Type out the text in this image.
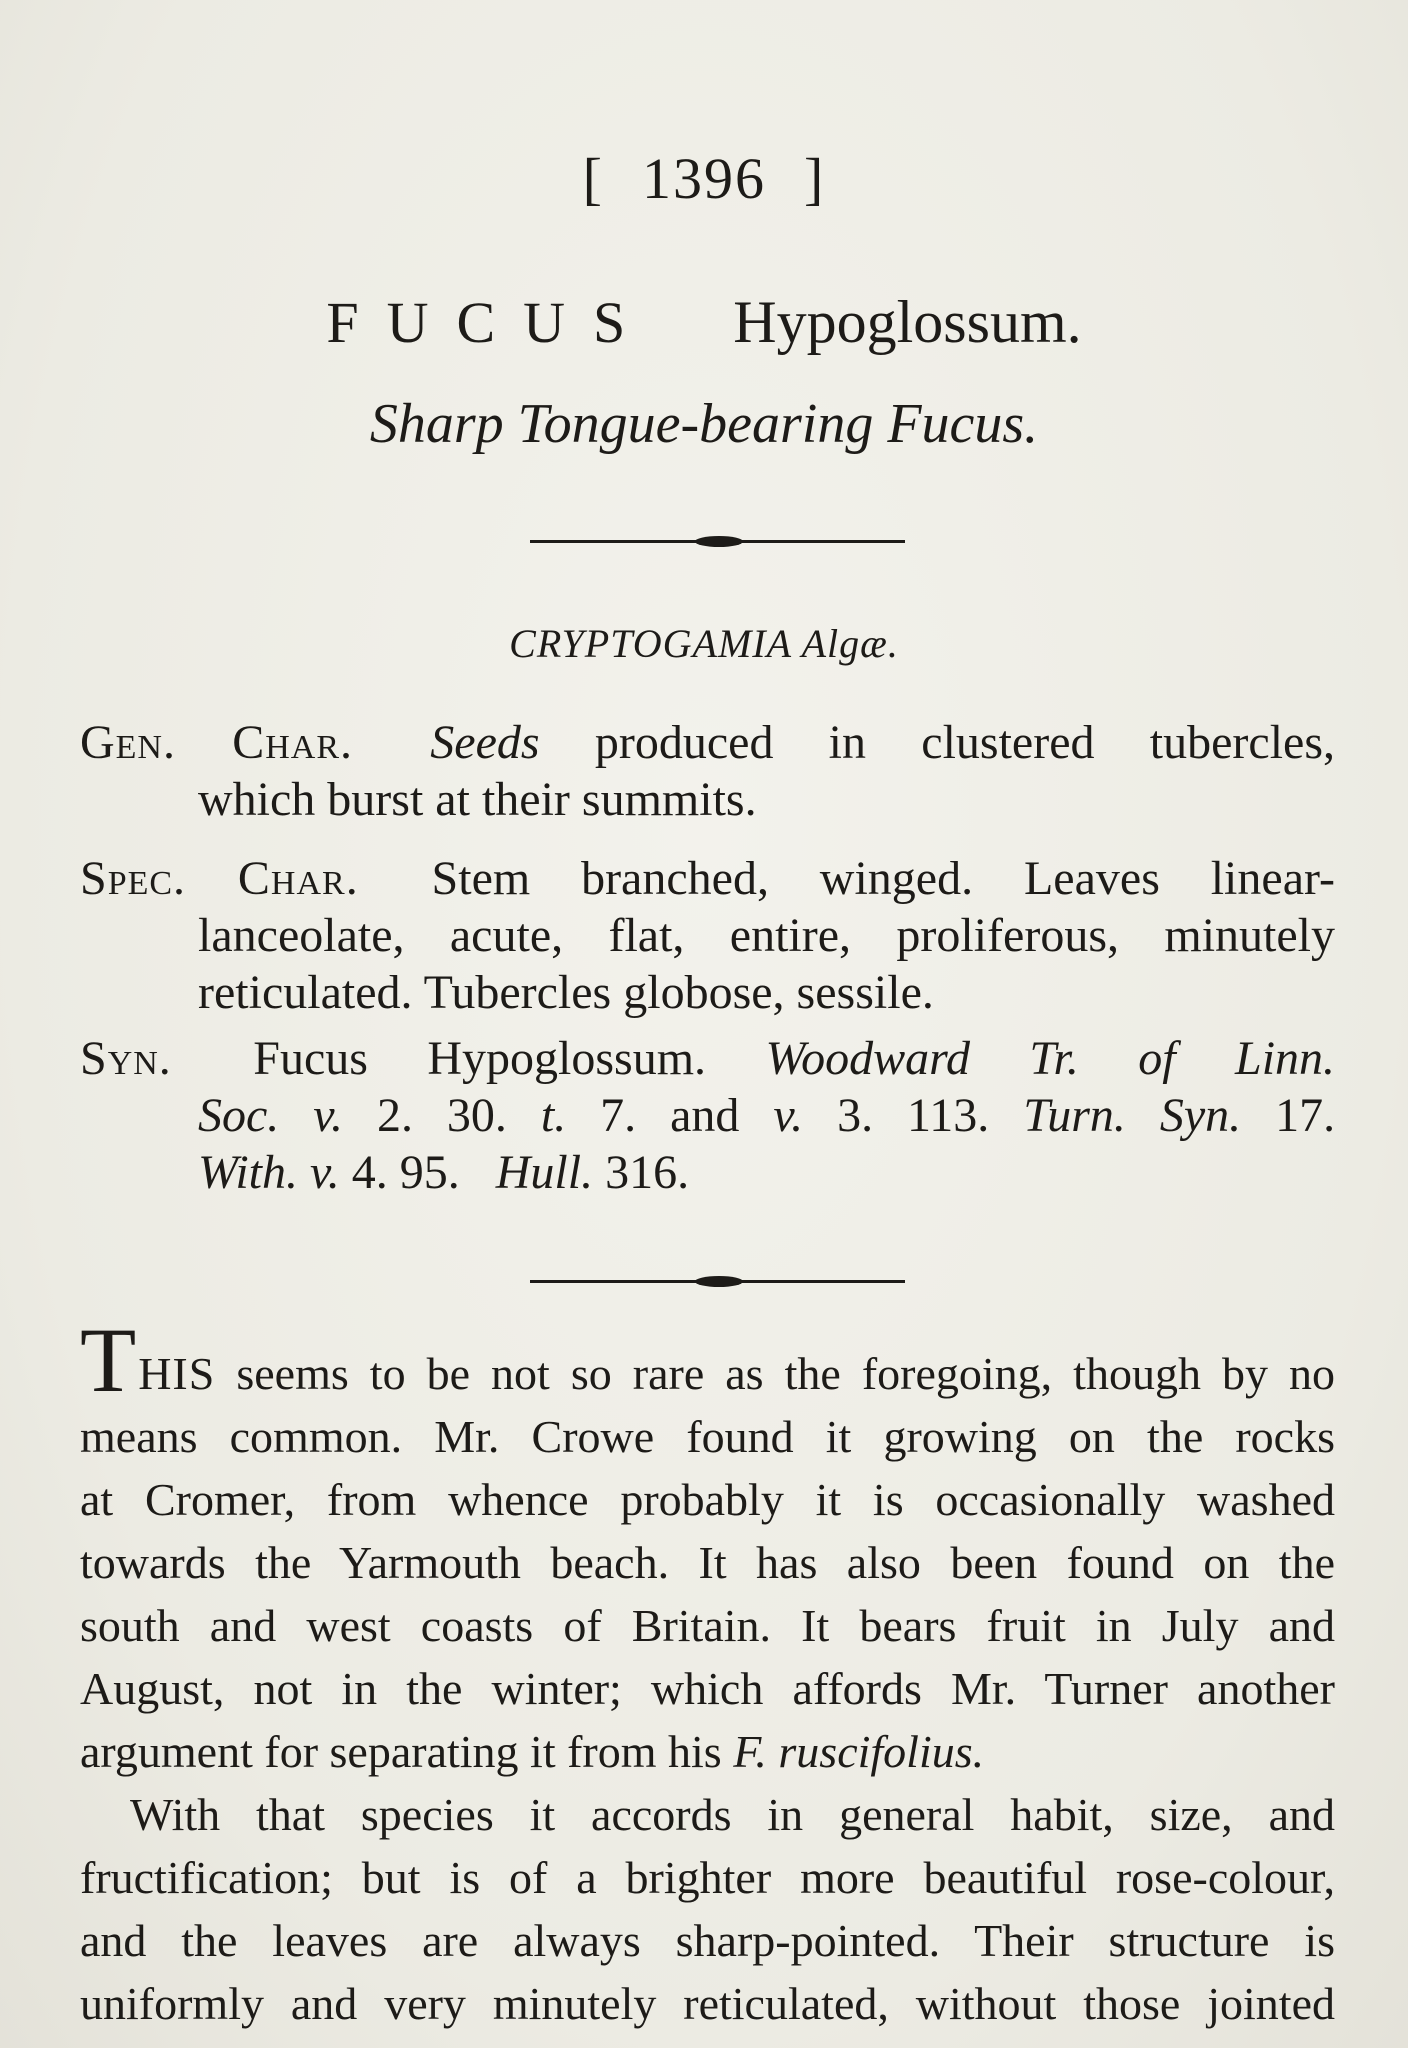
[ 1396 ]
FUCUS Hypoglossum.
Sharp Tongue-bearing Fucus.
CRYPTOGAMIA Algæ.
Gen. Char. Seeds produced in clustered tubercles,
which burst at their summits.
Spec. Char. Stem branched, winged. Leaves linear-
lanceolate, acute, flat, entire, proliferous, minutely
reticulated. Tubercles globose, sessile.
Syn. Fucus Hypoglossum. Woodward Tr. of Linn.
Soc. v. 2. 30. t. 7. and v. 3. 113. Turn. Syn. 17.
With. v. 4. 95. Hull. 316.
THIS seems to be not so rare as the foregoing, though by no
means common. Mr. Crowe found it growing on the rocks
at Cromer, from whence probably it is occasionally washed
towards the Yarmouth beach. It has also been found on the
south and west coasts of Britain. It bears fruit in July and
August, not in the winter; which affords Mr. Turner another
argument for separating it from his F. ruscifolius.
With that species it accords in general habit, size, and
fructification; but is of a brighter more beautiful rose-colour,
and the leaves are always sharp-pointed. Their structure is
uniformly and very minutely reticulated, without those jointed
